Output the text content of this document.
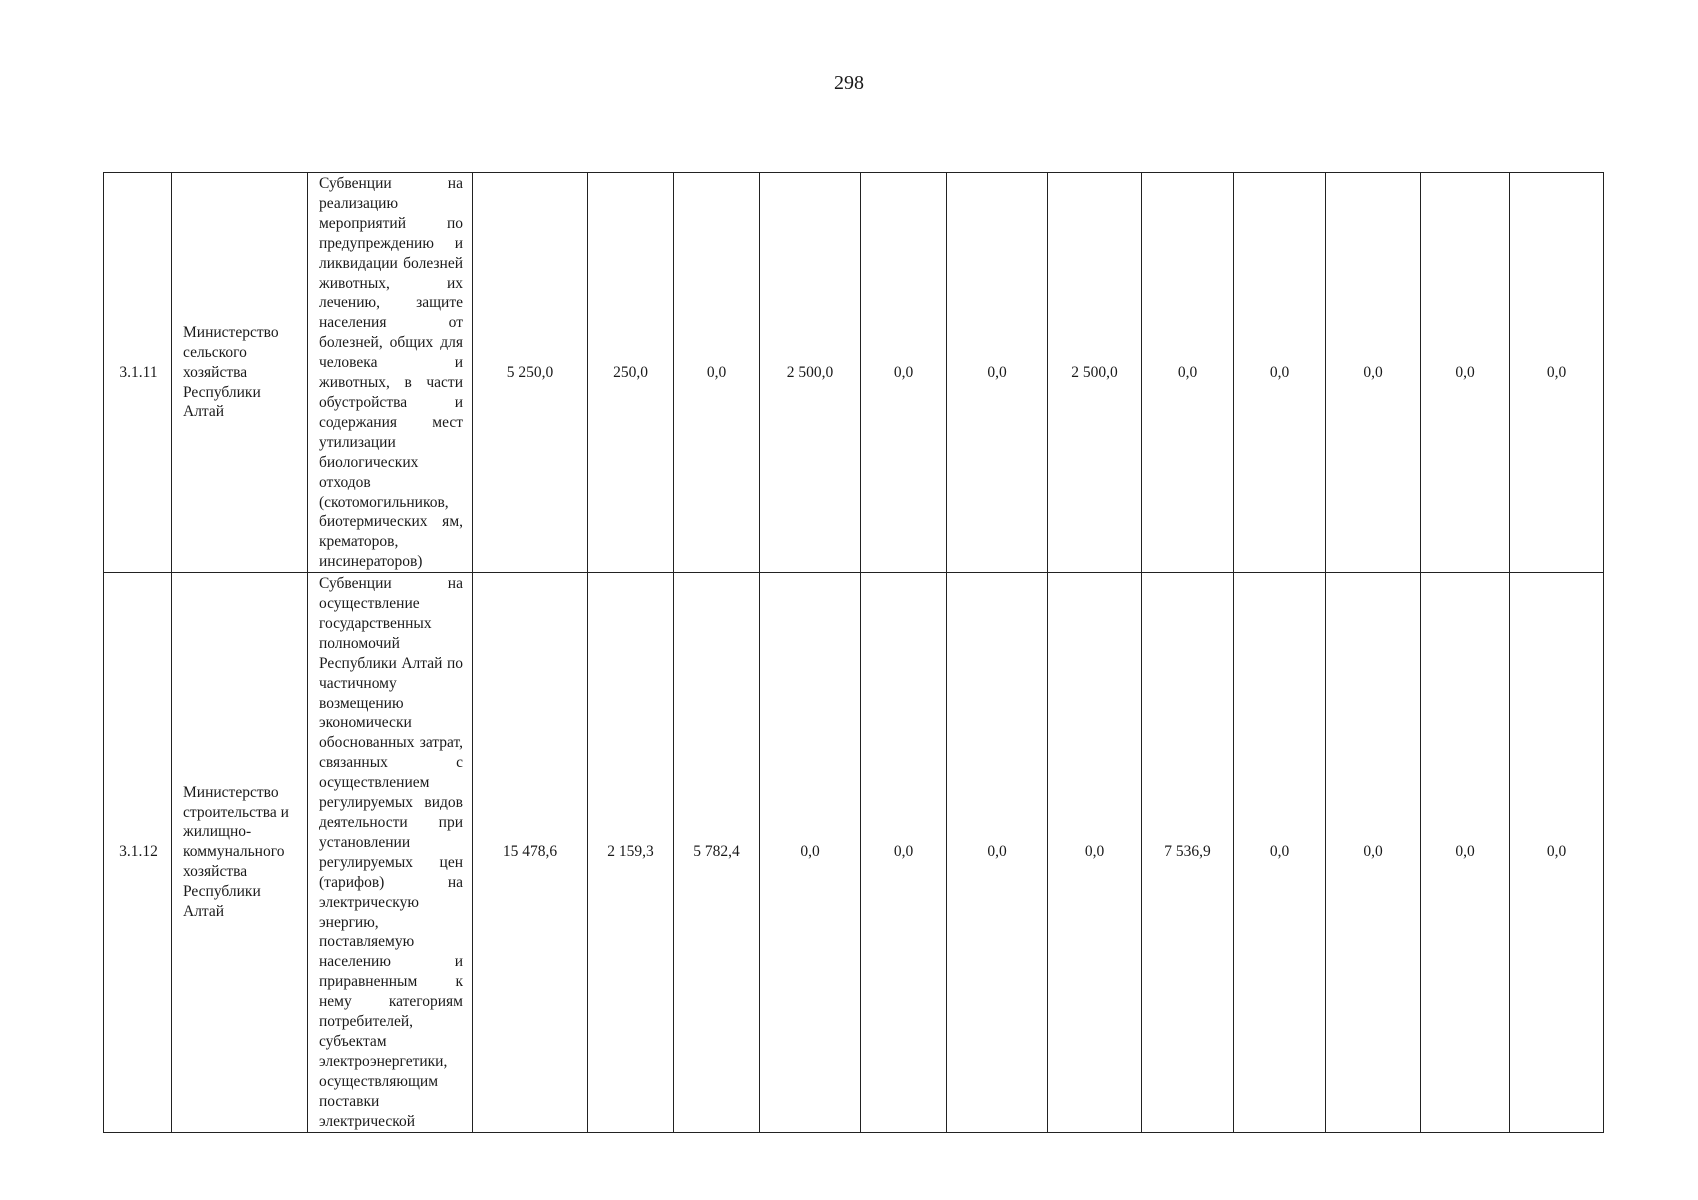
298
3.1.11	Министерство сельского хозяйства Республики Алтай	Субвенции на реализацию мероприятий по предупреждению и ликвидации болезней животных, их лечению, защите населения от болезней, общих для человека и животных, в части обустройства и содержания мест утилизации биологических отходов (скотомогильников, биотермических ям, крематоров, инсинераторов)	5 250,0	250,0	0,0	2 500,0	0,0	0,0	2 500,0	0,0	0,0	0,0	0,0	0,0
3.1.12	Министерство строительства и жилищно-коммунального хозяйства Республики Алтай	Субвенции на осуществление государственных полномочий Республики Алтай по частичному возмещению экономически обоснованных затрат, связанных с осуществлением регулируемых видов деятельности при установлении регулируемых цен (тарифов) на электрическую энергию, поставляемую населению и приравненным к нему категориям потребителей, субъектам электроэнергетики, осуществляющим поставки электрической	15 478,6	2 159,3	5 782,4	0,0	0,0	0,0	0,0	7 536,9	0,0	0,0	0,0	0,0
